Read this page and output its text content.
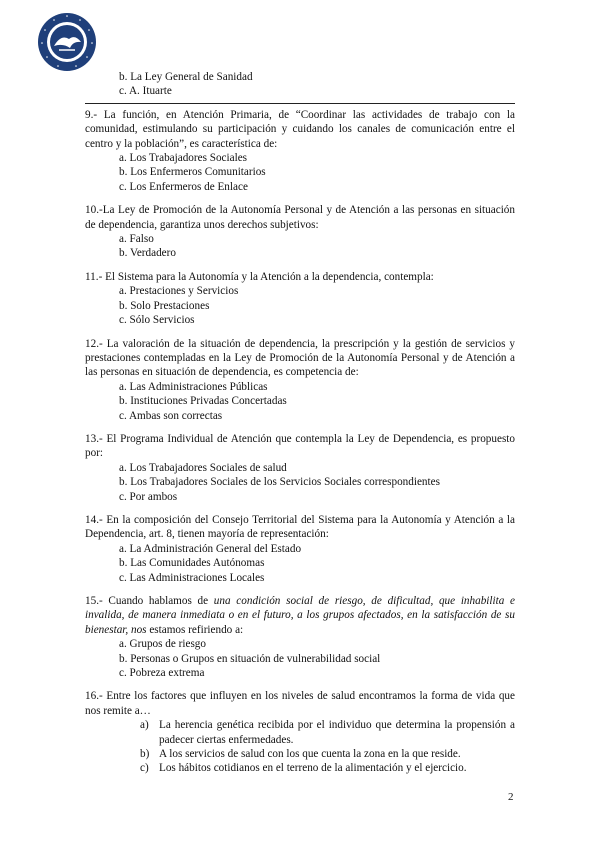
b. La Ley General de Sanidad
c. A. Ituarte
9.- La función, en Atención Primaria, de “Coordinar las actividades de trabajo con la comunidad, estimulando su participación y cuidando los canales de comunicación entre el centro y la población”, es característica de:
a. Los Trabajadores Sociales
b. Los Enfermeros Comunitarios
c. Los Enfermeros de Enlace
10.-La Ley de Promoción de la Autonomía Personal y de Atención a las personas en situación de dependencia, garantiza unos derechos subjetivos:
a. Falso
b. Verdadero
11.- El Sistema para la Autonomía y la Atención a la dependencia, contempla:
a. Prestaciones y Servicios
b. Solo Prestaciones
c. Sólo Servicios
12.- La valoración de la situación de dependencia, la prescripción y la gestión de servicios y prestaciones contempladas en la Ley de Promoción de la Autonomía Personal y de Atención a las personas en situación de dependencia, es competencia de:
a. Las Administraciones Públicas
b. Instituciones Privadas Concertadas
c. Ambas son correctas
13.- El Programa Individual de Atención que contempla la Ley de Dependencia, es propuesto por:
a. Los Trabajadores Sociales de salud
b. Los Trabajadores Sociales de los Servicios Sociales correspondientes
c. Por ambos
14.- En la composición del Consejo Territorial del Sistema para la Autonomía y Atención a la Dependencia, art. 8, tienen mayoría de representación:
a. La Administración General del Estado
b. Las Comunidades Autónomas
c. Las Administraciones Locales
15.- Cuando hablamos de una condición social de riesgo, de dificultad, que inhabilita e invalida, de manera inmediata o en el futuro, a los grupos afectados, en la satisfacción de su bienestar, nos estamos refiriendo a:
a. Grupos de riesgo
b. Personas o Grupos en situación de vulnerabilidad social
c. Pobreza extrema
16.- Entre los factores que influyen en los niveles de salud encontramos la forma de vida que nos remite a…
a) La herencia genética recibida por el individuo que determina la propensión a padecer ciertas enfermedades.
b) A los servicios de salud con los que cuenta la zona en la que reside.
c) Los hábitos cotidianos en el terreno de la alimentación y el ejercicio.
2
